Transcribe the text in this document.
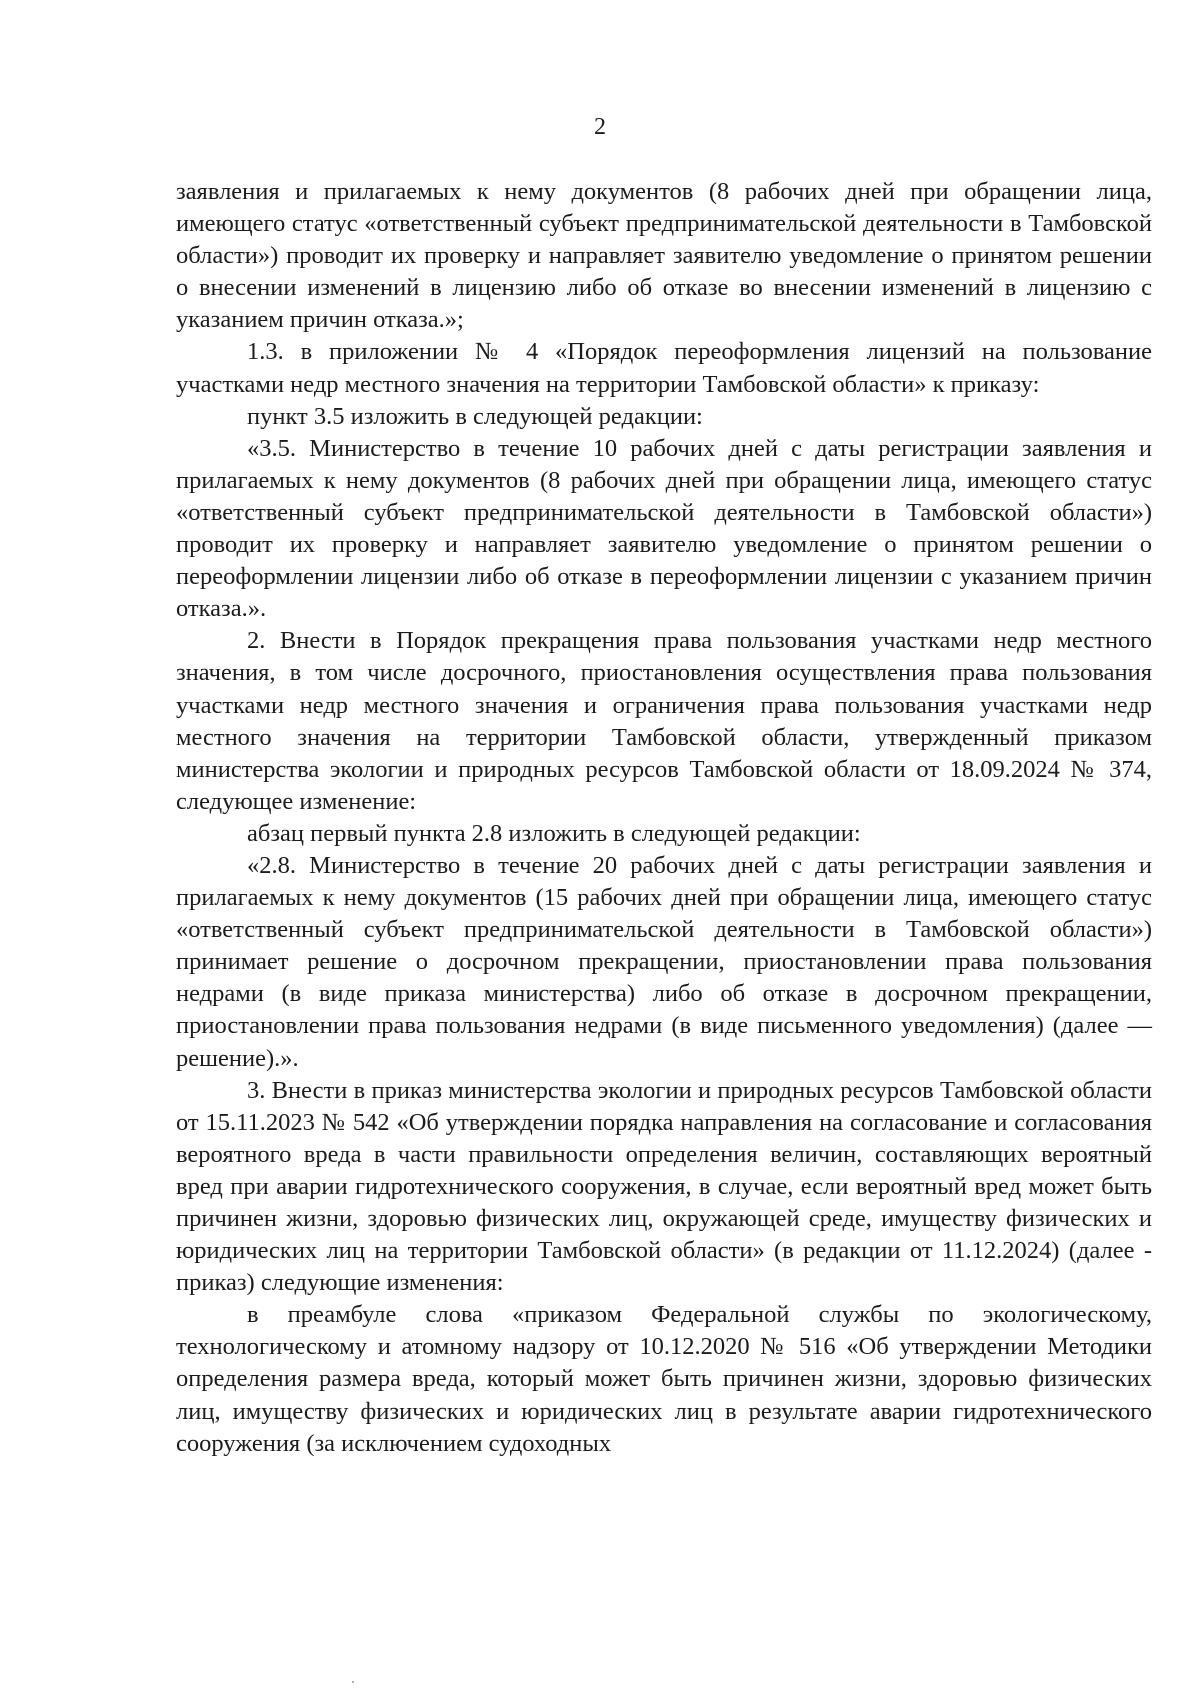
2

заявления и прилагаемых к нему документов (8 рабочих дней при обращении лица, имеющего статус «ответственный субъект предпринимательской деятельности в Тамбовской области») проводит их проверку и направляет заявителю уведомление о принятом решении о внесении изменений в лицензию либо об отказе во внесении изменений в лицензию с указанием причин отказа.»;

1.3. в приложении № 4 «Порядок переоформления лицензий на пользование участками недр местного значения на территории Тамбовской области» к приказу:

пункт 3.5 изложить в следующей редакции:

«3.5. Министерство в течение 10 рабочих дней с даты регистрации заявления и прилагаемых к нему документов (8 рабочих дней при обращении лица, имеющего статус «ответственный субъект предпринимательской деятельности в Тамбовской области») проводит их проверку и направляет заявителю уведомление о принятом решении о переоформлении лицензии либо об отказе в переоформлении лицензии с указанием причин отказа.».

2. Внести в Порядок прекращения права пользования участками недр местного значения, в том числе досрочного, приостановления осуществления права пользования участками недр местного значения и ограничения права пользования участками недр местного значения на территории Тамбовской области, утвержденный приказом министерства экологии и природных ресурсов Тамбовской области от 18.09.2024 № 374, следующее изменение:

абзац первый пункта 2.8 изложить в следующей редакции:

«2.8. Министерство в течение 20 рабочих дней с даты регистрации заявления и прилагаемых к нему документов (15 рабочих дней при обращении лица, имеющего статус «ответственный субъект предпринимательской деятельности в Тамбовской области») принимает решение о досрочном прекращении, приостановлении права пользования недрами (в виде приказа министерства) либо об отказе в досрочном прекращении, приостановлении права пользования недрами (в виде письменного уведомления) (далее — решение).».

3. Внести в приказ министерства экологии и природных ресурсов Тамбовской области от 15.11.2023 № 542 «Об утверждении порядка направления на согласование и согласования вероятного вреда в части правильности определения величин, составляющих вероятный вред при аварии гидротехнического сооружения, в случае, если вероятный вред может быть причинен жизни, здоровью физических лиц, окружающей среде, имуществу физических и юридических лиц на территории Тамбовской области» (в редакции от 11.12.2024) (далее - приказ) следующие изменения:

в преамбуле слова «приказом Федеральной службы по экологическому, технологическому и атомному надзору от 10.12.2020 № 516 «Об утверждении Методики определения размера вреда, который может быть причинен жизни, здоровью физических лиц, имуществу физических и юридических лиц в результате аварии гидротехнического сооружения (за исключением судоходных
